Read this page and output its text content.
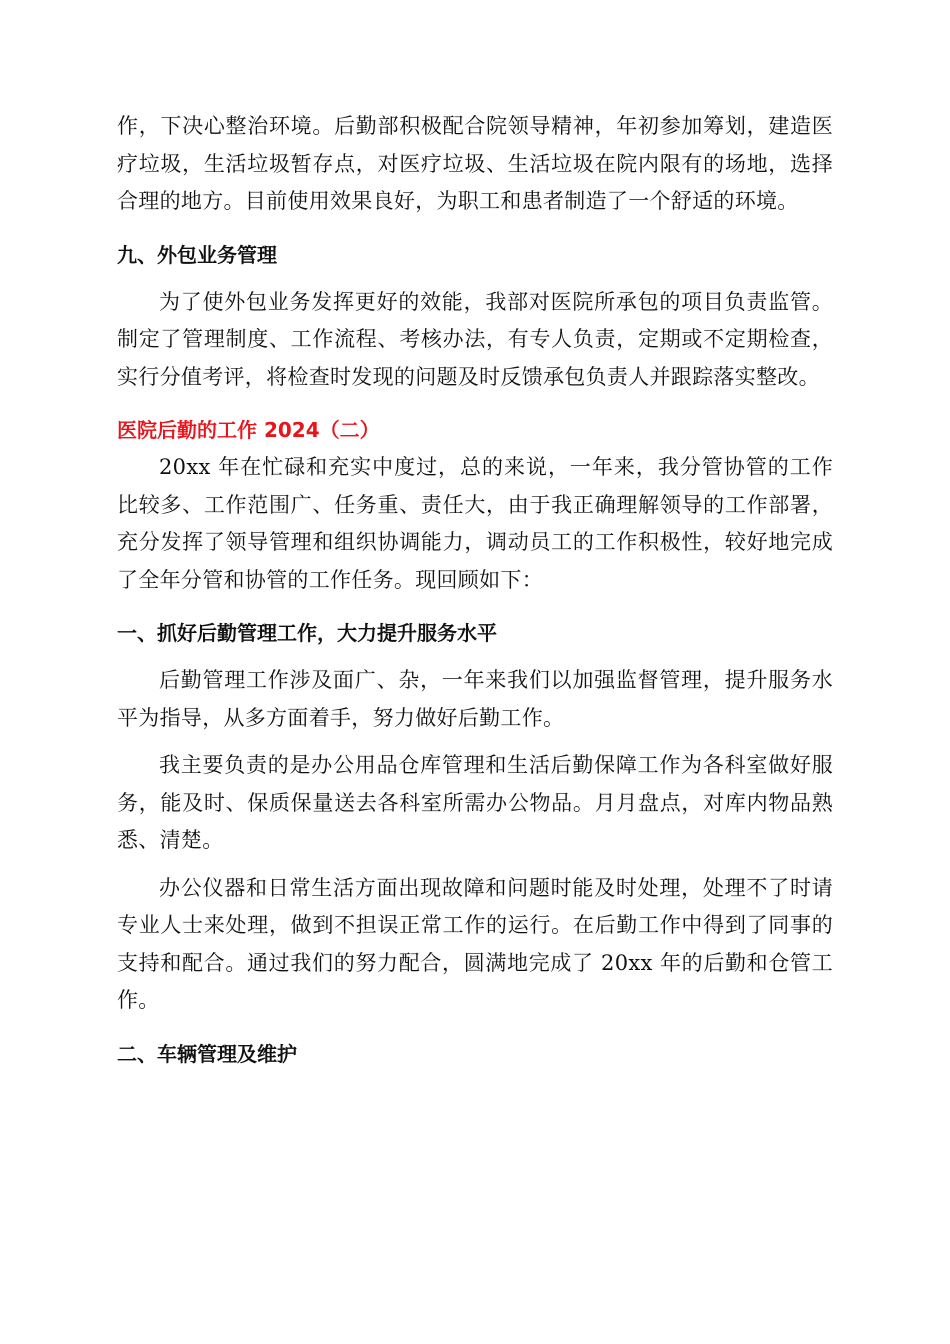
作，下决心整治环境。后勤部积极配合院领导精神，年初参加筹划，建造医疗垃圾，生活垃圾暂存点，对医疗垃圾、生活垃圾在院内限有的场地，选择合理的地方。目前使用效果良好，为职工和患者制造了一个舒适的环境。

九、外包业务管理

为了使外包业务发挥更好的效能，我部对医院所承包的项目负责监管。制定了管理制度、工作流程、考核办法，有专人负责，定期或不定期检查，实行分值考评，将检查时发现的问题及时反馈承包负责人并跟踪落实整改。

医院后勤的工作 2024（二）

20xx 年在忙碌和充实中度过，总的来说，一年来，我分管协管的工作比较多、工作范围广、任务重、责任大，由于我正确理解领导的工作部署，充分发挥了领导管理和组织协调能力，调动员工的工作积极性，较好地完成了全年分管和协管的工作任务。现回顾如下：

一、抓好后勤管理工作，大力提升服务水平

后勤管理工作涉及面广、杂，一年来我们以加强监督管理，提升服务水平为指导，从多方面着手，努力做好后勤工作。

我主要负责的是办公用品仓库管理和生活后勤保障工作为各科室做好服务，能及时、保质保量送去各科室所需办公物品。月月盘点，对库内物品熟悉、清楚。

办公仪器和日常生活方面出现故障和问题时能及时处理，处理不了时请专业人士来处理，做到不担误正常工作的运行。在后勤工作中得到了同事的支持和配合。通过我们的努力配合，圆满地完成了 20xx 年的后勤和仓管工作。

二、车辆管理及维护
